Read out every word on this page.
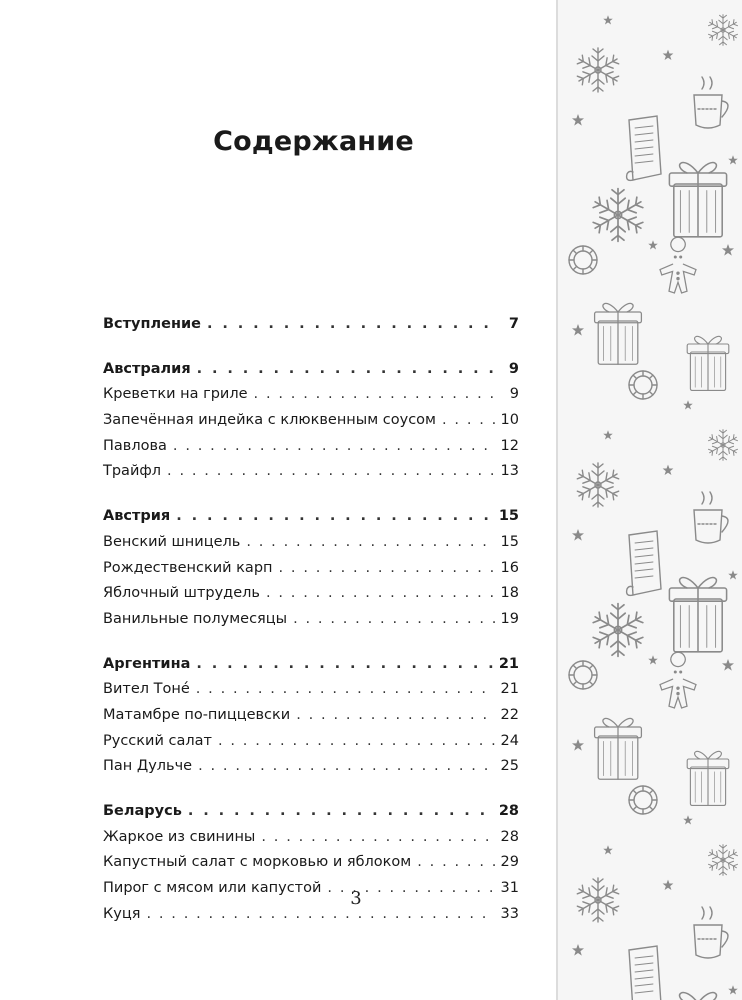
Содержание
Вступление . . .	7
Австралия . . .	9
Креветки на гриле . . .	9
Запечённая индейка с клюквенным соусом . . .	10
Павлова . . .	12
Трайфл . . .	13
Австрия . . .	15
Венский шницель . . .	15
Рождественский карп . . .	16
Яблочный штрудель . . .	18
Ванильные полумесяцы . . .	19
Аргентина . . .	21
Вител Тоне́ . . .	21
Матамбре по-пиццевски . . .	22
Русский салат . . .	24
Пан Дульче . . .	25
Беларусь . . .	28
Жаркое из свинины . . .	28
Капустный салат с морковью и яблоком . . .	29
Пирог с мясом или капустой . . .	31
Куця . . .	33
3
